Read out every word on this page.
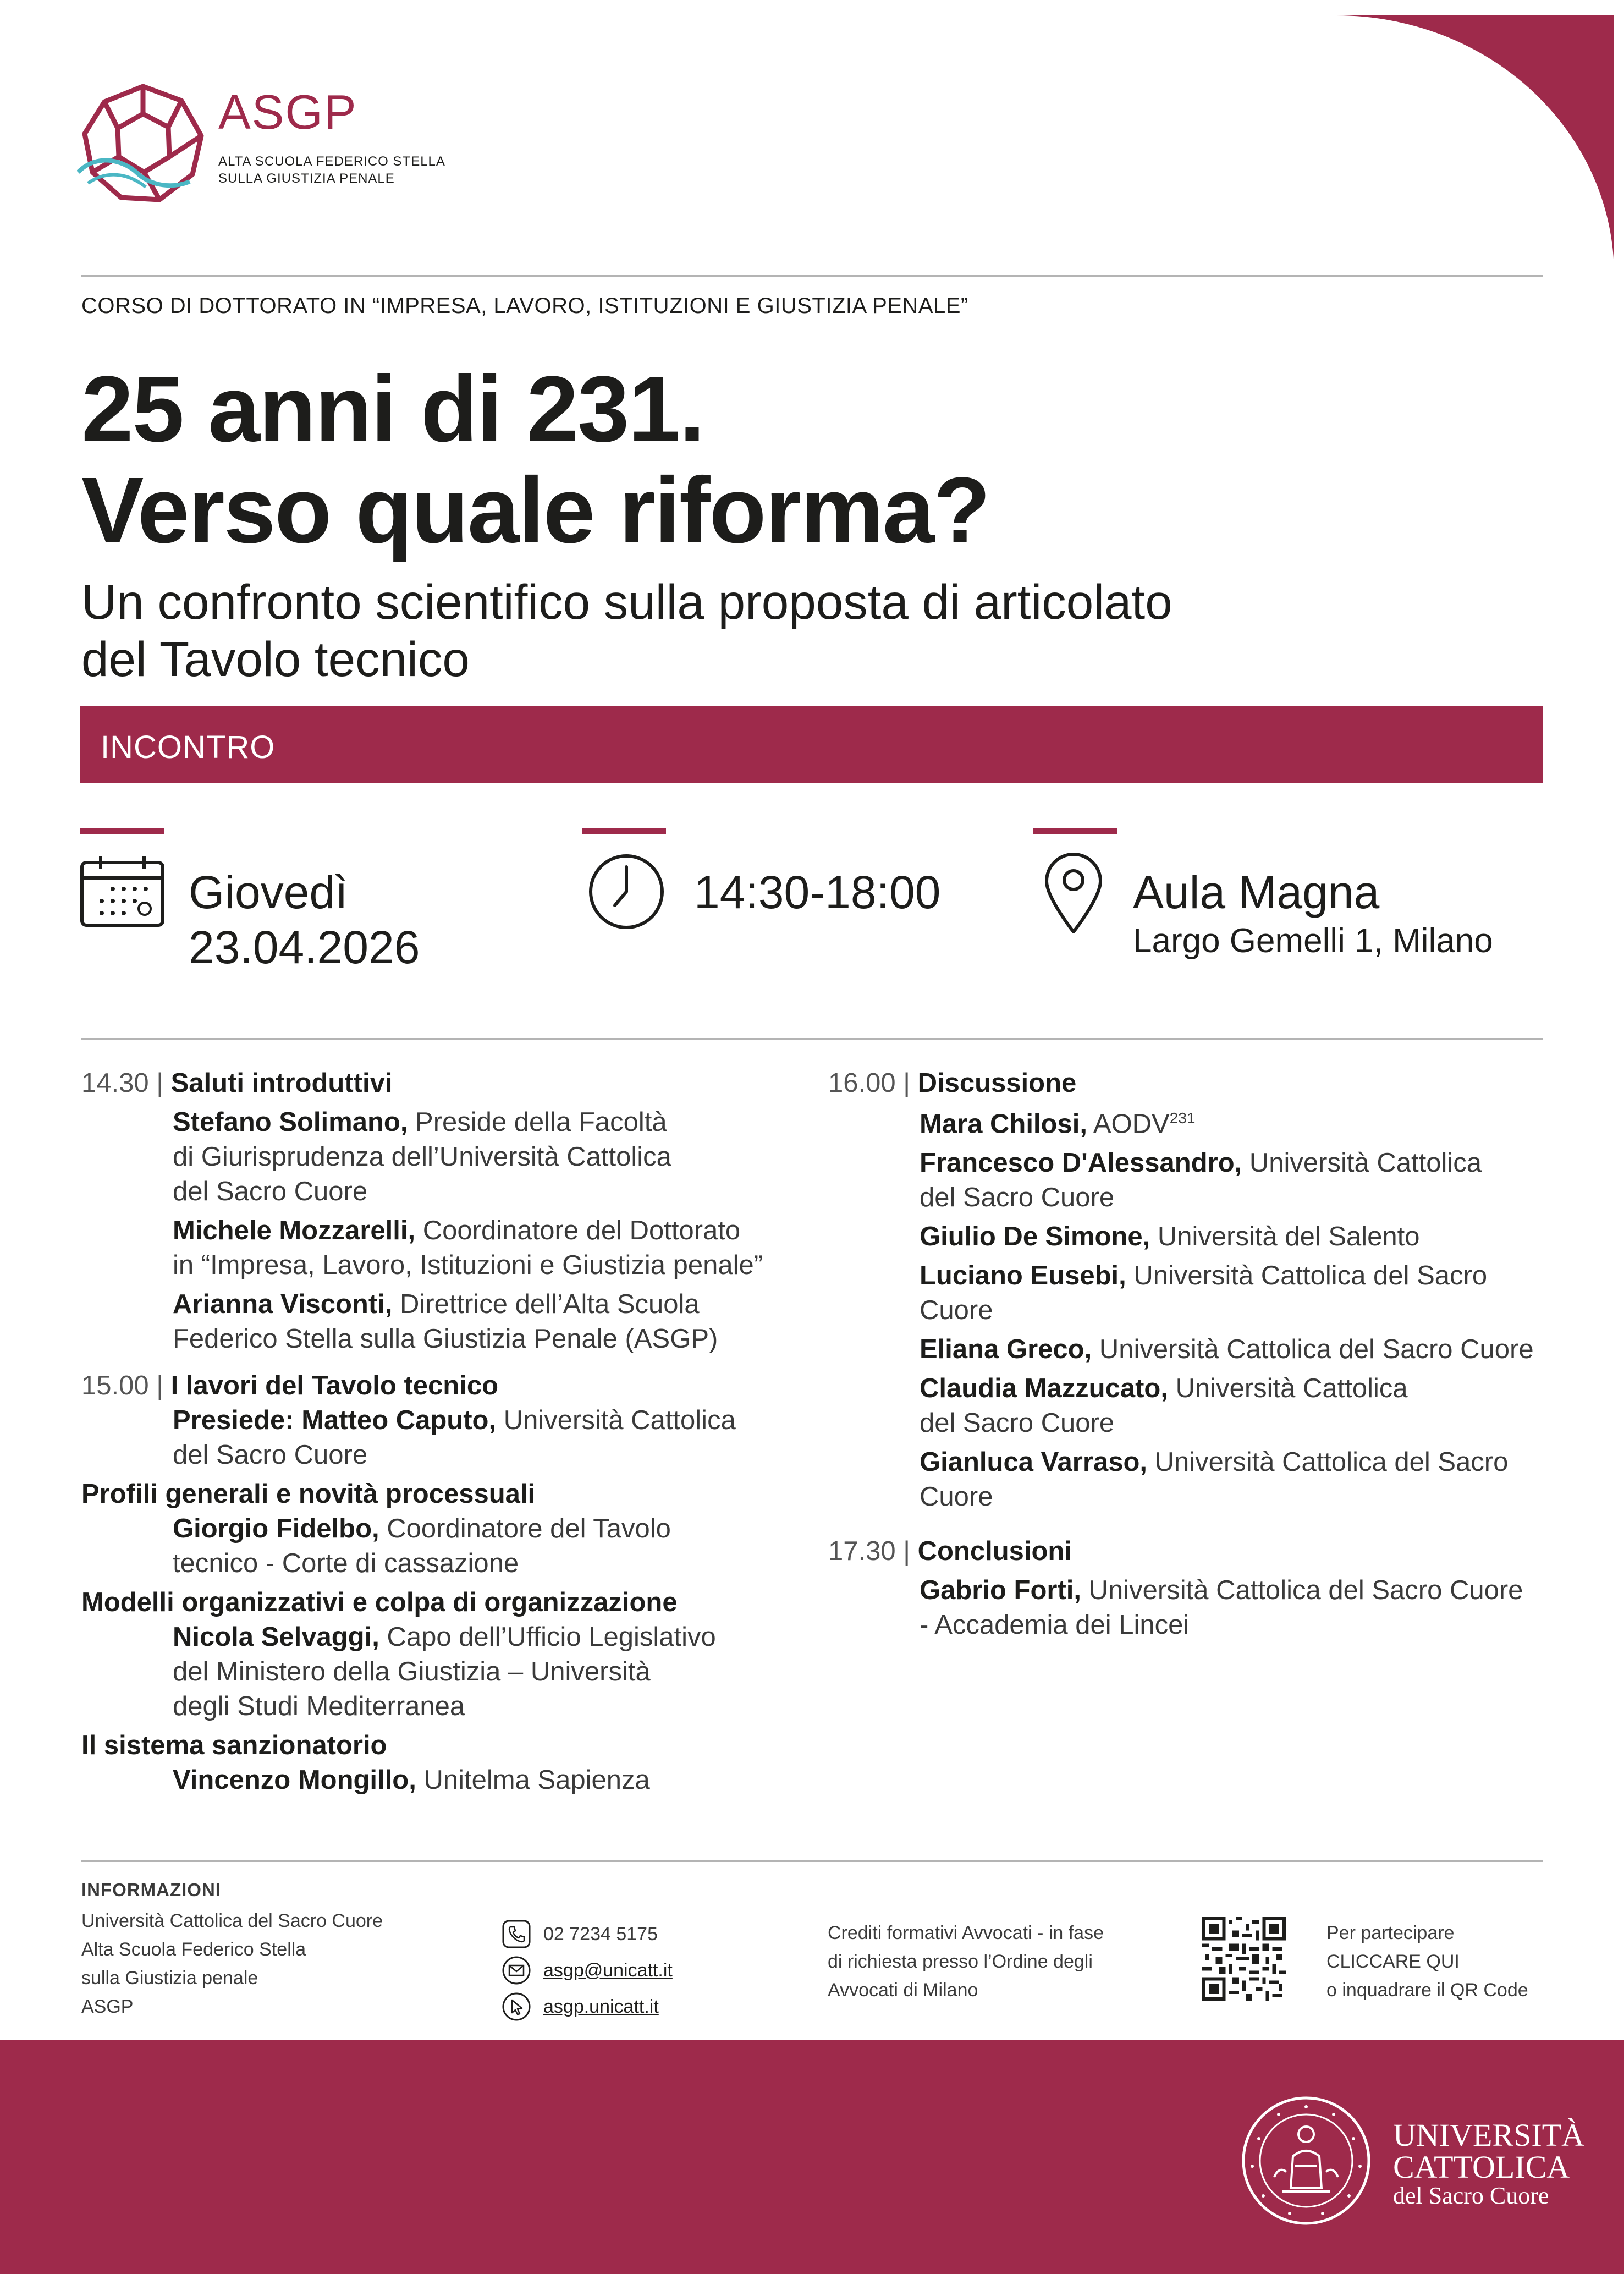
ASGP
ALTA SCUOLA FEDERICO STELLA
SULLA GIUSTIZIA PENALE
CORSO DI DOTTORATO IN “IMPRESA, LAVORO, ISTITUZIONI E GIUSTIZIA PENALE”
25 anni di 231.
Verso quale riforma?
Un confronto scientifico sulla proposta di articolato
del Tavolo tecnico
INCONTRO
Giovedì
23.04.2026
14:30-18:00	Aula Magna
Largo Gemelli 1, Milano
14.30 | Saluti introduttivi
Stefano Solimano, Preside della Facoltà
di Giurisprudenza dell’Università Cattolica
del Sacro Cuore
Michele Mozzarelli, Coordinatore del Dottorato
in “Impresa, Lavoro, Istituzioni e Giustizia penale”
Arianna Visconti, Direttrice dell’Alta Scuola
Federico Stella sulla Giustizia Penale (ASGP)
15.00 | I lavori del Tavolo tecnico
Presiede: Matteo Caputo, Università Cattolica
del Sacro Cuore
Profili generali e novità processuali
Giorgio Fidelbo, Coordinatore del Tavolo
tecnico - Corte di cassazione
Modelli organizzativi e colpa di organizzazione
Nicola Selvaggi, Capo dell’Ufficio Legislativo
del Ministero della Giustizia – Università
degli Studi Mediterranea
Il sistema sanzionatorio
Vincenzo Mongillo, Unitelma Sapienza
16.00 | Discussione
Mara Chilosi, AODV$^{231}$
Francesco D'Alessandro, Università Cattolica
del Sacro Cuore
Giulio De Simone, Università del Salento
Luciano Eusebi, Università Cattolica del Sacro
Cuore
Eliana Greco, Università Cattolica del Sacro Cuore
Claudia Mazzucato, Università Cattolica
del Sacro Cuore
Gianluca Varraso, Università Cattolica del Sacro
Cuore
17.30 | Conclusioni
Gabrio Forti, Università Cattolica del Sacro Cuore
- Accademia dei Lincei
INFORMAZIONI
Università Cattolica del Sacro Cuore
Alta Scuola Federico Stella
sulla Giustizia penale
ASGP
02 7234 5175
asgp@unicatt.it
asgp.unicatt.it
Crediti formativi Avvocati - in fase
di richiesta presso l’Ordine degli
Avvocati di Milano
Per partecipare
CLICCARE QUI
o inquadrare il QR Code
UNIVERSITÀ
CATTOLICA
del Sacro Cuore
